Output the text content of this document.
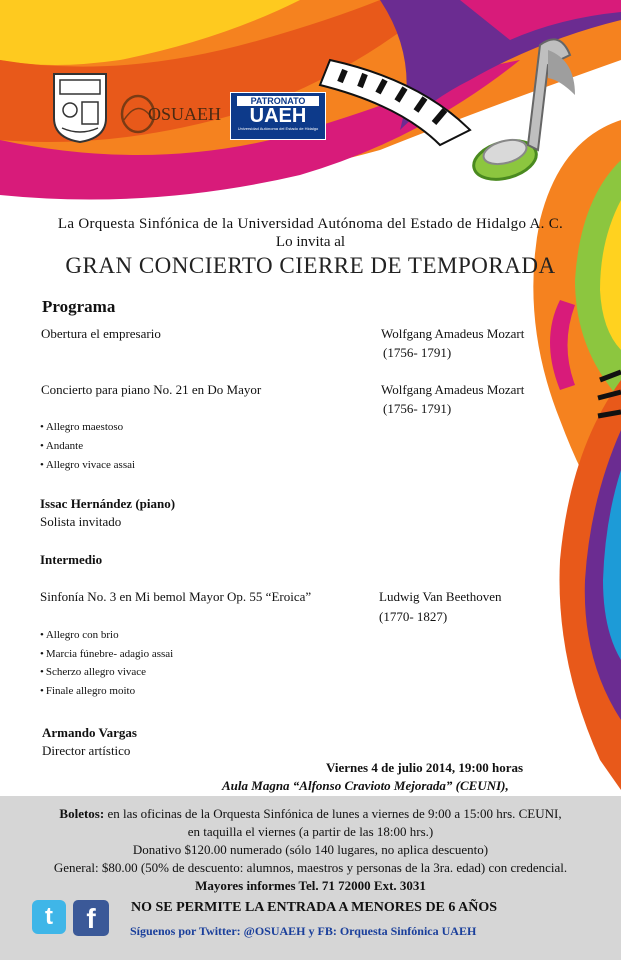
OSUAEH
PATRONATO
UAEH
Universidad Autónoma del Estado de Hidalgo
La Orquesta Sinfónica de la Universidad Autónoma del Estado de Hidalgo A. C.
Lo invita al
GRAN CONCIERTO CIERRE DE TEMPORADA
Programa
Obertura el empresario	Wolfgang Amadeus Mozart
(1756- 1791)
Concierto para piano No. 21 en Do Mayor	Wolfgang Amadeus Mozart
(1756- 1791)
• Allegro maestoso
• Andante
• Allegro vivace assai
Issac Hernández (piano)
Solista invitado
Intermedio
Sinfonía No. 3 en Mi bemol Mayor Op. 55 “Eroica”	Ludwig Van Beethoven
(1770- 1827)
• Allegro con brio
• Marcia fúnebre- adagio assai
• Scherzo allegro vivace
• Finale allegro moito
Armando Vargas
Director artístico
Viernes 4 de julio 2014, 19:00 horas
Aula Magna “Alfonso Cravioto Mejorada” (CEUNI),
Boletos: en las oficinas de la Orquesta Sinfónica de lunes a viernes de 9:00 a 15:00 hrs. CEUNI,
en taquilla el viernes (a partir de las 18:00 hrs.)
Donativo $120.00 numerado (sólo 140 lugares, no aplica descuento)
General: $80.00 (50% de descuento: alumnos, maestros y personas de la 3ra. edad) con credencial.
Mayores informes Tel. 71 72000 Ext. 3031
t	f	NO SE PERMITE LA ENTRADA A MENORES DE 6 AÑOS
Síguenos por Twitter: @OSUAEH y FB: Orquesta Sinfónica UAEH
